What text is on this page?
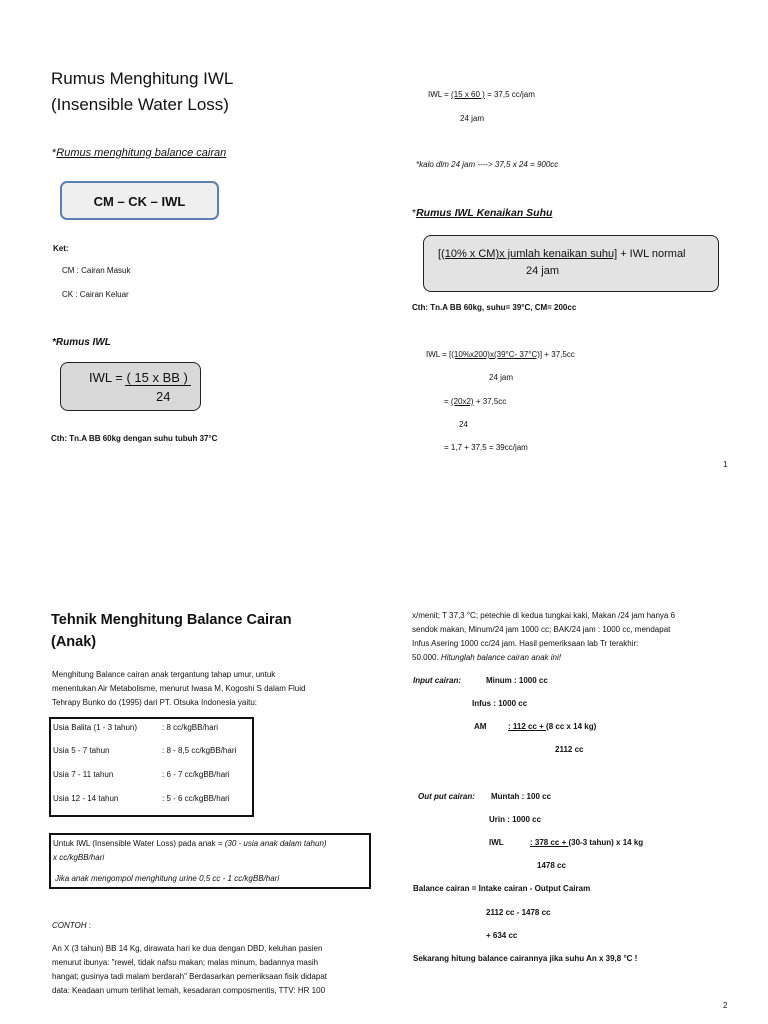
Rumus Menghitung IWL
(Insensible Water Loss)
*Rumus menghitung balance cairan
CM – CK – IWL
Ket:
CM : Cairan Masuk
CK : Cairan Keluar
*Rumus IWL
IWL = ( 15 x BB )
24
Cth: Tn.A BB 60kg dengan suhu tubuh 37°C
IWL = (15 x 60 ) = 37,5 cc/jam
24 jam
*kalo dlm 24 jam ----> 37,5 x 24 = 900cc
*Rumus IWL Kenaikan Suhu
[(10% x CM)x jumlah kenaikan suhu] + IWL normal
24 jam
Cth: Tn.A BB 60kg, suhu= 39°C, CM= 200cc
IWL = [(10%x200)x(39°C- 37°C)] + 37,5cc
24 jam
= (20x2) + 37,5cc
24
= 1,7 + 37,5 = 39cc/jam
1
Tehnik Menghitung Balance Cairan
(Anak)
Menghitung Balance cairan anak tergantung tahap umur, untuk
menentukan Air Metabolisme, menurut Iwasa M, Kogoshi S dalam Fluid
Tehrapy Bunko do (1995) dari PT. Otsuka Indonesia yaitu:
Usia Balita (1 - 3 tahun)	: 8 cc/kgBB/hari
Usia 5 - 7 tahun	: 8 - 8,5 cc/kgBB/hari
Usia 7 - 11 tahun	: 6 - 7 cc/kgBB/hari
Usia 12 - 14 tahun	: 5 - 6 cc/kgBB/hari
Untuk IWL (Insensible Water Loss) pada anak = (30 - usia anak dalam tahun)
x cc/kgBB/hari
Jika anak mengompol menghitung urine 0,5 cc - 1 cc/kgBB/hari
CONTOH :
An X (3 tahun) BB 14 Kg, dirawata hari ke dua dengan DBD, keluhan pasien
menurut ibunya: "rewel, tidak nafsu makan; malas minum, badannya masih
hangat; gusinya tadi malam berdarah" Berdasarkan pemeriksaan fisik didapat
data: Keadaan umum terlihat lemah, kesadaran composmentis, TTV: HR 100
x/menit; T 37,3 °C; petechie di kedua tungkai kaki, Makan /24 jam hanya 6
sendok makan, Minum/24 jam 1000 cc; BAK/24 jam : 1000 cc, mendapat
Infus Asering 1000 cc/24 jam. Hasil pemeriksaan lab Tr terakhir:
50.000. Hitunglah balance cairan anak ini!
Input cairan:	Minum : 1000 cc
Infus : 1000 cc
AM	: 112 cc + (8 cc x 14 kg)
2112 cc
Out put cairan: Muntah : 100 cc
Urin : 1000 cc
IWL	: 378 cc + (30-3 tahun) x 14 kg
1478 cc
Balance cairan = Intake cairan - Output Cairam
2112 cc - 1478 cc
+ 634 cc
Sekarang hitung balance cairannya jika suhu An x 39,8 °C !
2
